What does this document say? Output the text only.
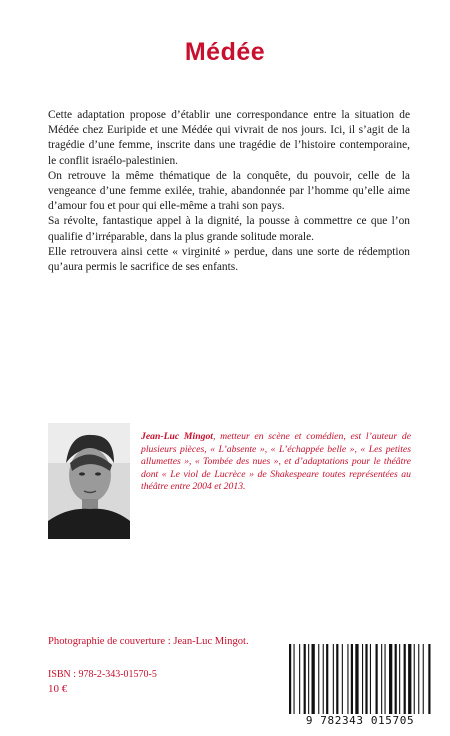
Médée

Cette adaptation propose d’établir une correspondance entre la situation de Médée chez Euripide et une Médée qui vivrait de nos jours. Ici, il s’agit de la tragédie d’une femme, inscrite dans une tragédie de l’histoire contemporaine, le conflit israélo-palestinien.

On retrouve la même thématique de la conquête, du pouvoir, celle de la vengeance d’une femme exilée, trahie, abandonnée par l’homme qu’elle aime d’amour fou et pour qui elle-même a trahi son pays.

Sa révolte, fantastique appel à la dignité, la pousse à commettre ce que l’on qualifie d’irréparable, dans la plus grande solitude morale.

Elle retrouvera ainsi cette « virginité » perdue, dans une sorte de rédemption qu’aura permis le sacrifice de ses enfants.

Jean-Luc Mingot, metteur en scène et comédien, est l’auteur de plusieurs pièces, « L’absente », « L’échappée belle », « Les petites allumettes », « Tombée des nues », et d’adaptations pour le théâtre dont « Le viol de Lucrèce » de Shakespeare toutes représentées au théâtre entre 2004 et 2013.
Photographie de couverture : Jean-Luc Mingot.
ISBN : 978-2-343-01570-5
10 €
9 782343 015705
